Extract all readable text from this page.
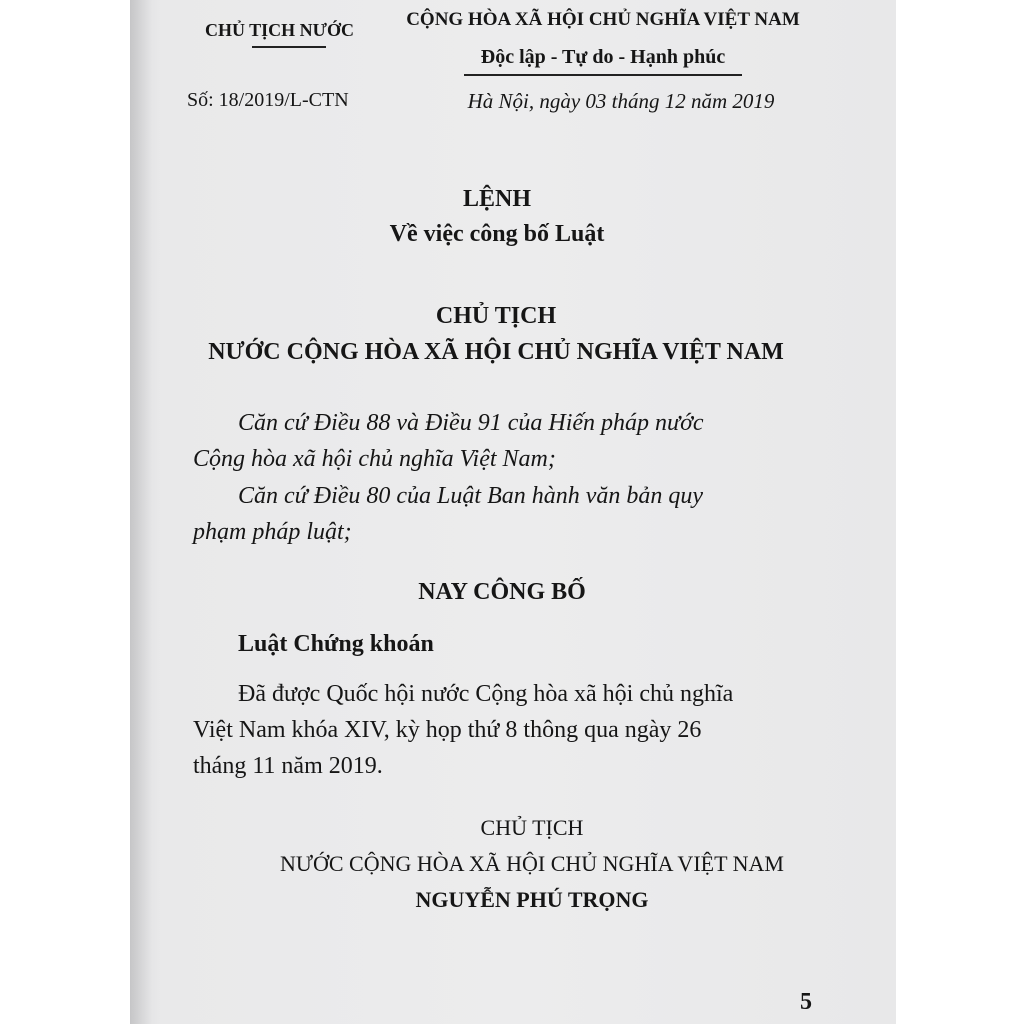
CHỦ TỊCH NƯỚC
Số: 18/2019/L-CTN
CỘNG HÒA XÃ HỘI CHỦ NGHĨA VIỆT NAM
Độc lập - Tự do - Hạnh phúc
Hà Nội, ngày 03 tháng 12 năm 2019
LỆNH
Về việc công bố Luật
CHỦ TỊCH
NƯỚC CỘNG HÒA XÃ HỘI CHỦ NGHĨA VIỆT NAM
Căn cứ Điều 88 và Điều 91 của Hiến pháp nước
Cộng hòa xã hội chủ nghĩa Việt Nam;
Căn cứ Điều 80 của Luật Ban hành văn bản quy
phạm pháp luật;
NAY CÔNG BỐ
Luật Chứng khoán
Đã được Quốc hội nước Cộng hòa xã hội chủ nghĩa
Việt Nam khóa XIV, kỳ họp thứ 8 thông qua ngày 26
tháng 11 năm 2019.
CHỦ TỊCH
NƯỚC CỘNG HÒA XÃ HỘI CHỦ NGHĨA VIỆT NAM
NGUYỄN PHÚ TRỌNG
5
